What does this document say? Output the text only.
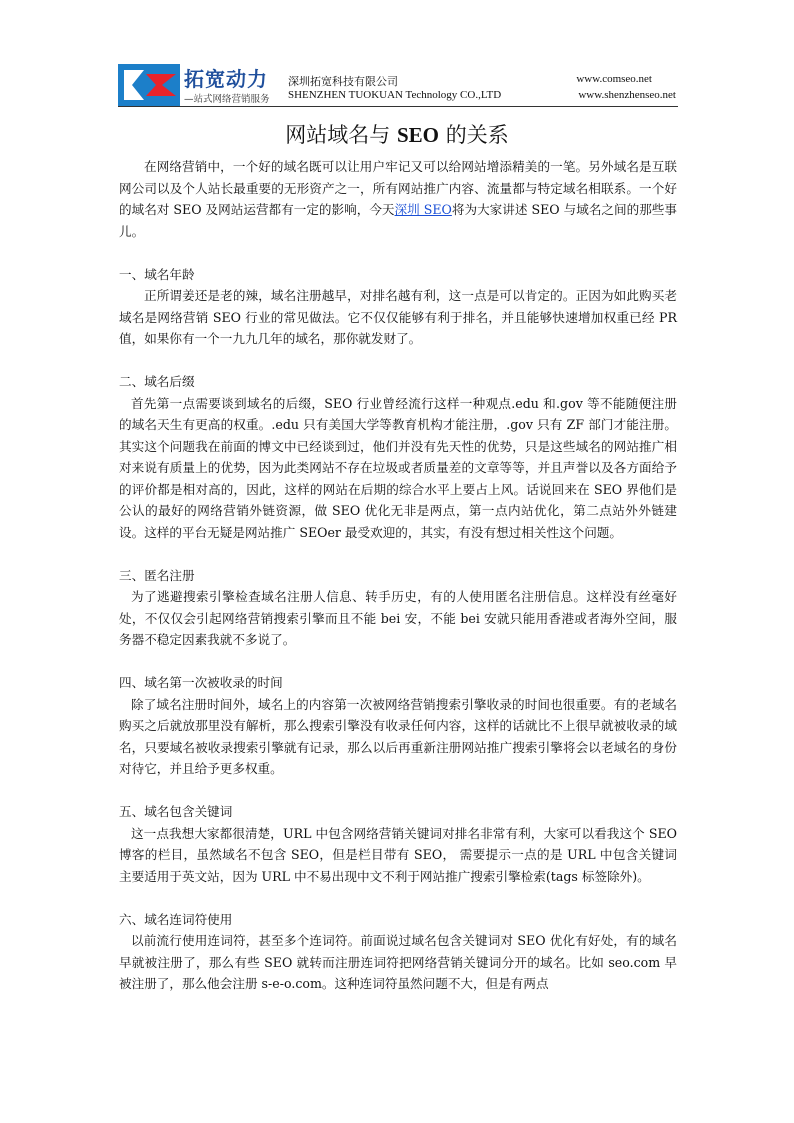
拓宽动力
—站式网络营销服务
深圳拓宽科技有限公司
SHENZHEN TUOKUAN Technology CO.,LTD
www.comseo.net
www.shenzhenseo.net
网站域名与 SEO 的关系

在网络营销中，一个好的域名既可以让用户牢记又可以给网站增添精美的一笔。另外域名是互联网公司以及个人站长最重要的无形资产之一，所有网站推广内容、流量都与特定域名相联系。一个好的域名对 SEO 及网站运营都有一定的影响，今天深圳 SEO将为大家讲述 SEO 与域名之间的那些事儿。

一、域名年龄

正所谓姜还是老的辣，域名注册越早，对排名越有利，这一点是可以肯定的。正因为如此购买老域名是网络营销 SEO 行业的常见做法。它不仅仅能够有利于排名，并且能够快速增加权重已经 PR 值，如果你有一个一九九几年的域名，那你就发财了。

二、域名后缀

首先第一点需要谈到域名的后缀，SEO 行业曾经流行这样一种观点.edu 和.gov 等不能随便注册的域名天生有更高的权重。.edu 只有美国大学等教育机构才能注册，.gov 只有 ZF 部门才能注册。其实这个问题我在前面的博文中已经谈到过，他们并没有先天性的优势，只是这些域名的网站推广相对来说有质量上的优势，因为此类网站不存在垃圾或者质量差的文章等等，并且声誉以及各方面给予的评价都是相对高的，因此，这样的网站在后期的综合水平上要占上风。话说回来在 SEO 界他们是公认的最好的网络营销外链资源，做 SEO 优化无非是两点，第一点内站优化，第二点站外外链建设。这样的平台无疑是网站推广 SEOer 最受欢迎的，其实，有没有想过相关性这个问题。

三、匿名注册

为了逃避搜索引擎检查域名注册人信息、转手历史，有的人使用匿名注册信息。这样没有丝毫好处，不仅仅会引起网络营销搜索引擎而且不能 bei 安，不能 bei 安就只能用香港或者海外空间，服务器不稳定因素我就不多说了。

四、域名第一次被收录的时间

除了域名注册时间外，域名上的内容第一次被网络营销搜索引擎收录的时间也很重要。有的老域名购买之后就放那里没有解析，那么搜索引擎没有收录任何内容，这样的话就比不上很早就被收录的域名，只要域名被收录搜索引擎就有记录，那么以后再重新注册网站推广搜索引擎将会以老域名的身份对待它，并且给予更多权重。

五、域名包含关键词

这一点我想大家都很清楚，URL 中包含网络营销关键词对排名非常有利，大家可以看我这个 SEO 博客的栏目，虽然域名不包含 SEO，但是栏目带有 SEO， 需要提示一点的是 URL 中包含关键词主要适用于英文站，因为 URL 中不易出现中文不利于网站推广搜索引擎检索(tags 标签除外)。

六、域名连词符使用

以前流行使用连词符，甚至多个连词符。前面说过域名包含关键词对 SEO 优化有好处，有的域名早就被注册了，那么有些 SEO 就转而注册连词符把网络营销关键词分开的域名。比如 seo.com 早被注册了，那么他会注册 s-e-o.com。这种连词符虽然问题不大，但是有两点
